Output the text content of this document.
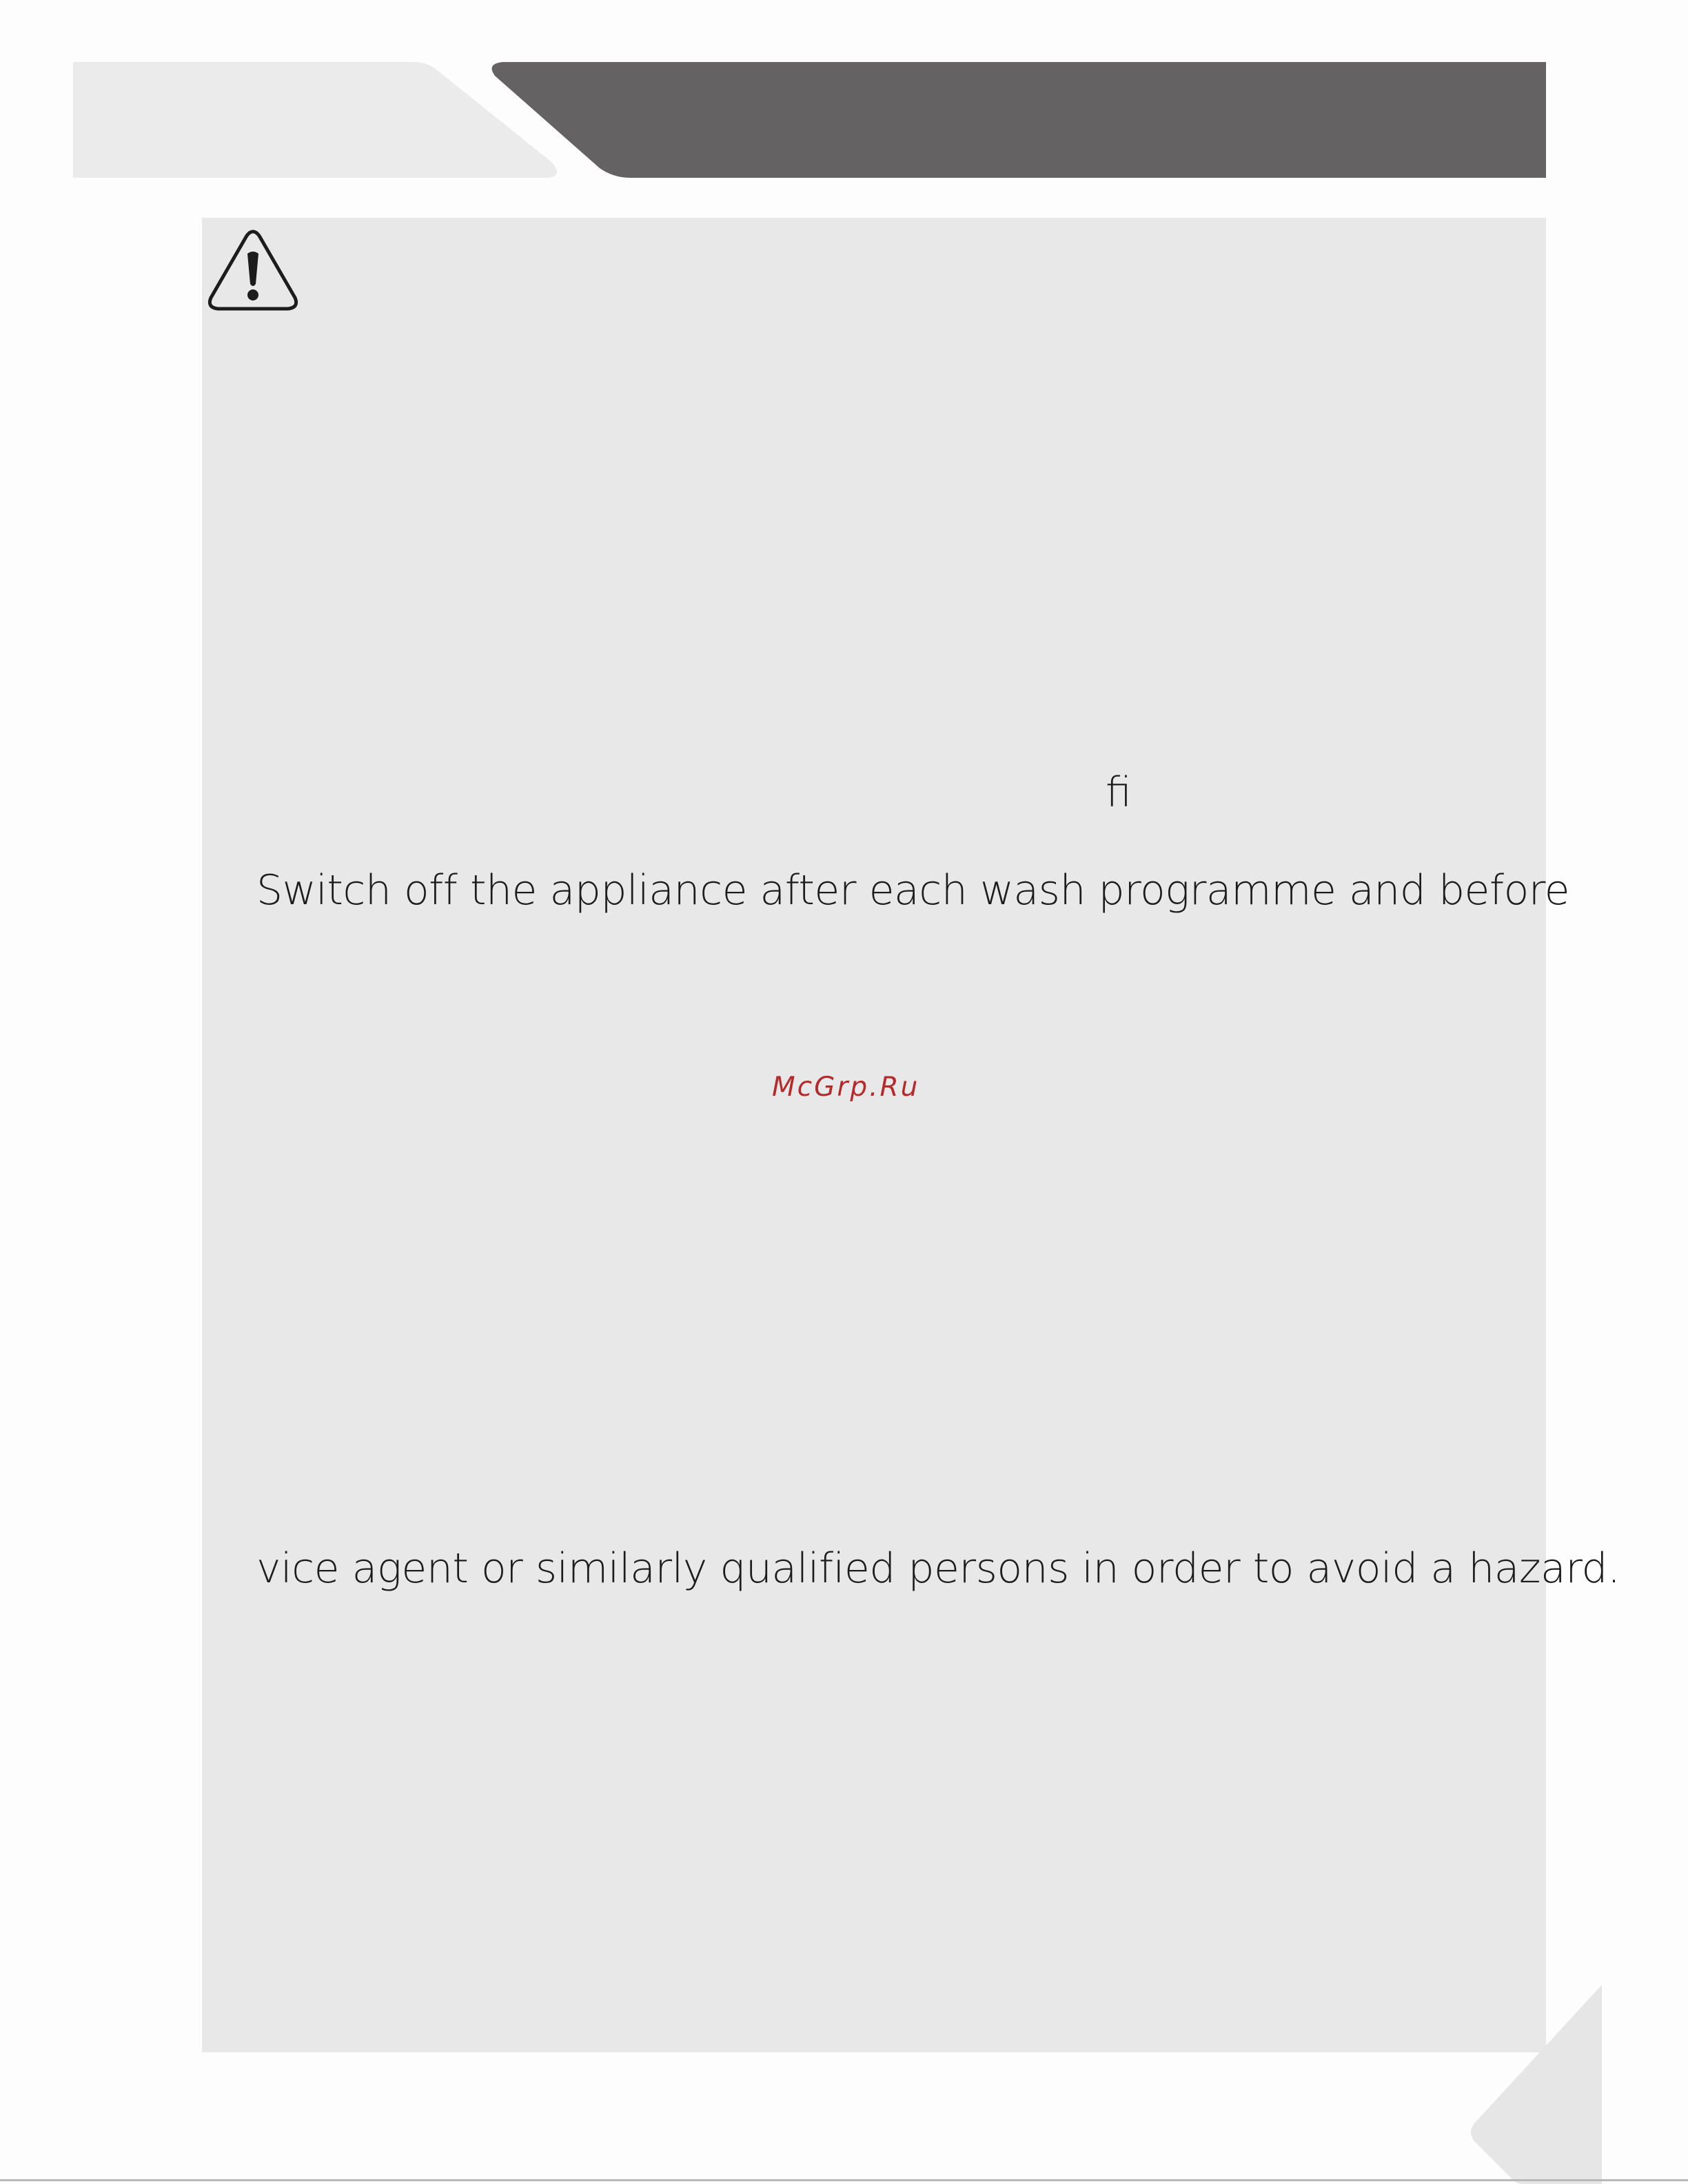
ﬁ

Switch off the appliance after each wash programme and before

McGrp.Ru

vice agent or similarly qualified persons in order to avoid a hazard.
